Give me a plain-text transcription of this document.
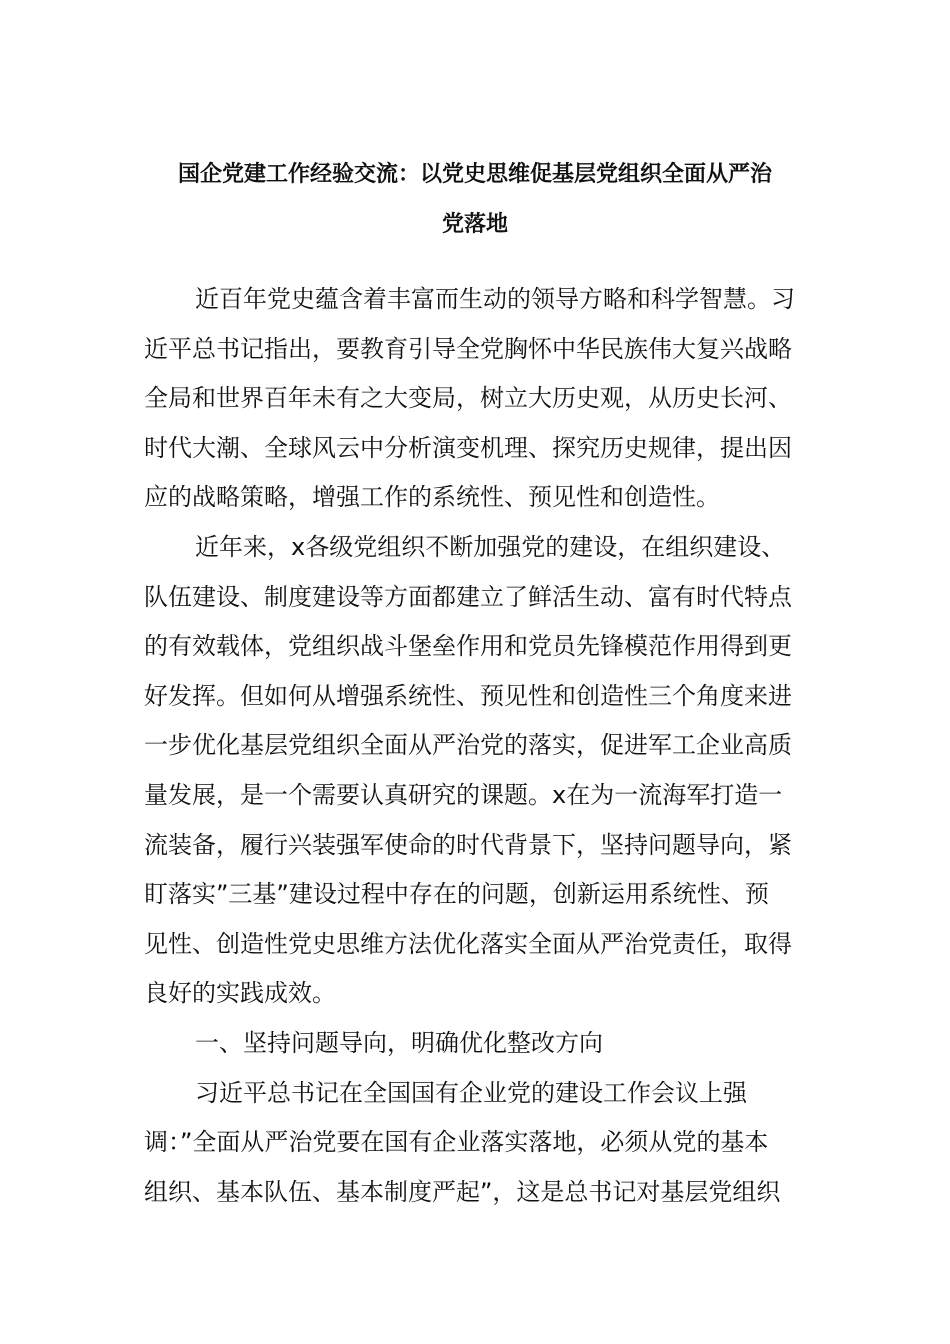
国企党建工作经验交流：以党史思维促基层党组织全面从严治
党落地
近百年党史蕴含着丰富而生动的领导方略和科学智慧。习
近平总书记指出，要教育引导全党胸怀中华民族伟大复兴战略
全局和世界百年未有之大变局，树立大历史观，从历史长河、
时代大潮、全球风云中分析演变机理、探究历史规律，提出因
应的战略策略，增强工作的系统性、预见性和创造性。
近年来，x各级党组织不断加强党的建设，在组织建设、
队伍建设、制度建设等方面都建立了鲜活生动、富有时代特点
的有效载体，党组织战斗堡垒作用和党员先锋模范作用得到更
好发挥。但如何从增强系统性、预见性和创造性三个角度来进
一步优化基层党组织全面从严治党的落实，促进军工企业高质
量发展，是一个需要认真研究的课题。x在为一流海军打造一
流装备，履行兴装强军使命的时代背景下，坚持问题导向，紧
盯落实”三基”建设过程中存在的问题，创新运用系统性、预
见性、创造性党史思维方法优化落实全面从严治党责任，取得
良好的实践成效。
一、坚持问题导向，明确优化整改方向
习近平总书记在全国国有企业党的建设工作会议上强
调：”全面从严治党要在国有企业落实落地，必须从党的基本
组织、基本队伍、基本制度严起”，这是总书记对基层党组织
